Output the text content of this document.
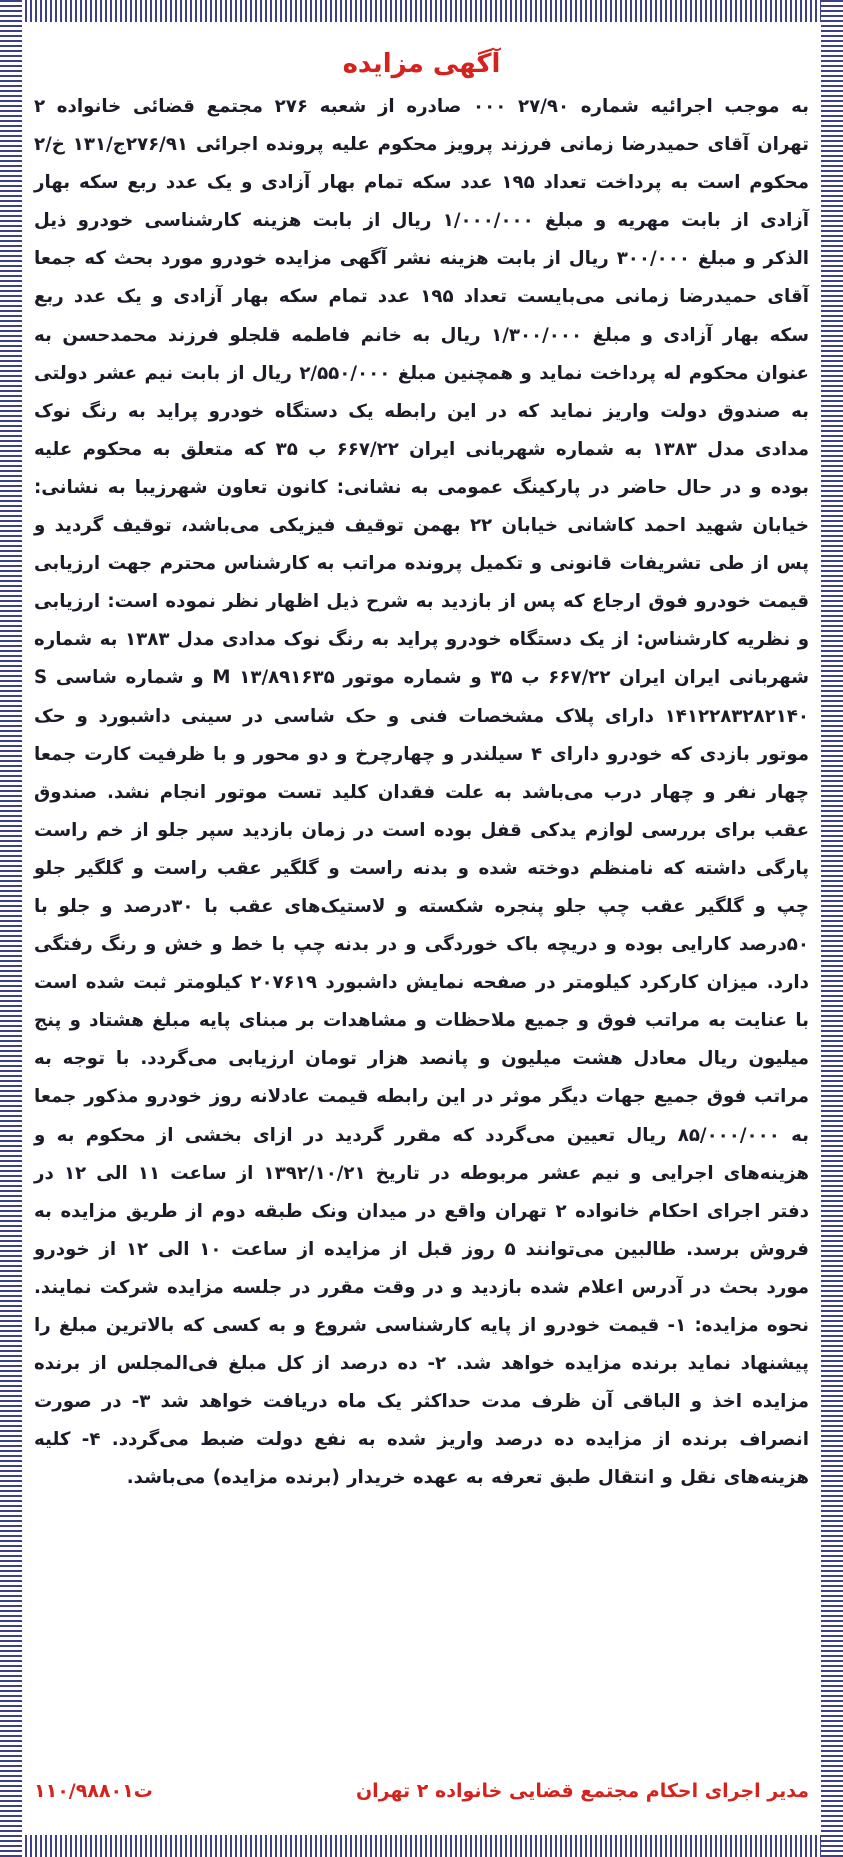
آگهی مزایده

به موجب اجرائیه شماره ۲۷/۹۰ ۰۰۰ صادره از شعبه ۲۷۶ مجتمع قضائی خانواده ۲ تهران آقای حمیدرضا زمانی فرزند پرویز محکوم علیه پرونده اجرائی ۲۷۶/۹۱ج/۱۳۱ خ/۲ محکوم است به پرداخت تعداد ۱۹۵ عدد سکه تمام بهار آزادی و یک عدد ربع سکه بهار آزادی از بابت مهریه و مبلغ ۱/۰۰۰/۰۰۰ ریال از بابت هزینه کارشناسی خودرو ذیل الذکر و مبلغ ۳۰۰/۰۰۰ ریال از بابت هزینه نشر آگهی مزایده خودرو مورد بحث که جمعا آقای حمیدرضا زمانی می‌بایست تعداد ۱۹۵ عدد تمام سکه بهار آزادی و یک عدد ربع سکه بهار آزادی و مبلغ ۱/۳۰۰/۰۰۰ ریال به خانم فاطمه قلجلو فرزند محمدحسن به عنوان محکوم له پرداخت نماید و همچنین مبلغ ۲/۵۵۰/۰۰۰ ریال از بابت نیم عشر دولتی به صندوق دولت واریز نماید که در این رابطه یک دستگاه خودرو پراید به رنگ نوک مدادی مدل ۱۳۸۳ به شماره شهربانی ایران ۶۶۷/۲۲ ب ۳۵ که متعلق به محکوم علیه بوده و در حال حاضر در پارکینگ عمومی به نشانی: کانون تعاون شهرزیبا به نشانی: خیابان شهید احمد کاشانی خیابان ۲۲ بهمن توقیف فیزیکی می‌باشد، توقیف گردید و پس از طی تشریفات قانونی و تکمیل پرونده مراتب به کارشناس محترم جهت ارزیابی قیمت خودرو فوق ارجاع که پس از بازدید به شرح ذیل اظهار نظر نموده است: ارزیابی و نظریه کارشناس: از یک دستگاه خودرو پراید به رنگ نوک مدادی مدل ۱۳۸۳ به شماره شهربانی ایران ایران ۶۶۷/۲۲ ب ۳۵ و شماره موتور M ۱۳/۸۹۱۶۳۵ و شماره شاسی S ۱۴۱۲۲۸۳۲۸۲۱۴۰ دارای پلاک مشخصات فنی و حک شاسی در سینی داشبورد و حک موتور بازدی که خودرو دارای ۴ سیلندر و چهارچرخ و دو محور و با ظرفیت کارت جمعا چهار نفر و چهار درب می‌باشد به علت فقدان کلید تست موتور انجام نشد. صندوق عقب برای بررسی لوازم یدکی قفل بوده است در زمان بازدید سپر جلو از خم راست پارگی داشته که نامنظم دوخته شده و بدنه راست و گلگیر عقب راست و گلگیر جلو چپ و گلگیر عقب چپ جلو پنجره شکسته و لاستیک‌های عقب با ۳۰درصد و جلو با ۵۰درصد کارایی بوده و دریچه باک خوردگی و در بدنه چپ با خط و خش و رنگ رفتگی دارد. میزان کارکرد کیلومتر در صفحه نمایش داشبورد ۲۰۷۶۱۹ کیلومتر ثبت شده است با عنایت به مراتب فوق و جمیع ملاحظات و مشاهدات بر مبنای پایه مبلغ هشتاد و پنج میلیون ریال معادل هشت میلیون و پانصد هزار تومان ارزیابی می‌گردد. با توجه به مراتب فوق جمیع جهات دیگر موثر در این رابطه قیمت عادلانه روز خودرو مذکور جمعا به ۸۵/۰۰۰/۰۰۰ ریال تعیین می‌گردد که مقرر گردید در ازای بخشی از محکوم به و هزینه‌های اجرایی و نیم عشر مربوطه در تاریخ ۱۳۹۲/۱۰/۲۱ از ساعت ۱۱ الی ۱۲ در دفتر اجرای احکام خانواده ۲ تهران واقع در میدان ونک طبقه دوم از طریق مزایده به فروش برسد. طالبین می‌توانند ۵ روز قبل از مزایده از ساعت ۱۰ الی ۱۲ از خودرو مورد بحث در آدرس اعلام شده بازدید و در وقت مقرر در جلسه مزایده شرکت نمایند. نحوه مزایده: ۱- قیمت خودرو از پایه کارشناسی شروع و به کسی که بالاترین مبلغ را پیشنهاد نماید برنده مزایده خواهد شد. ۲- ده درصد از کل مبلغ فی‌المجلس از برنده مزایده اخذ و الباقی آن ظرف مدت حداکثر یک ماه دریافت خواهد شد ۳- در صورت انصراف برنده از مزایده ده درصد واریز شده به نفع دولت ضبط می‌گردد. ۴- کلیه هزینه‌های نقل و انتقال طبق تعرفه به عهده خریدار (برنده مزایده) می‌باشد.

مدیر اجرای احکام مجتمع قضایی خانواده ۲ تهران
۱۱۰/۹۸۸۰۱ت
